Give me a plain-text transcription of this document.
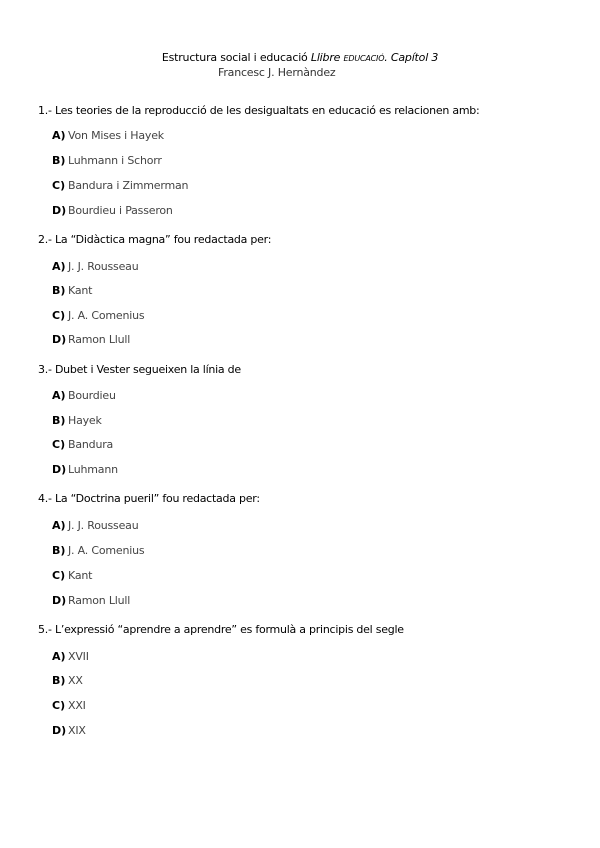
Estructura social i educació Llibre EDUCACIÓ. Capítol 3
Francesc J. Hernàndez
1.- Les teories de la reproducció de les desigualtats en educació es relacionen amb:
A) Von Mises i Hayek
B) Luhmann i Schorr
C) Bandura i Zimmerman
D) Bourdieu i Passeron
2.- La “Didàctica magna” fou redactada per:
A) J. J. Rousseau
B) Kant
C) J. A. Comenius
D) Ramon Llull
3.- Dubet i Vester segueixen la línia de
A) Bourdieu
B) Hayek
C) Bandura
D) Luhmann
4.- La “Doctrina pueril” fou redactada per:
A) J. J. Rousseau
B) J. A. Comenius
C) Kant
D) Ramon Llull
5.- L’expressió “aprendre a aprendre” es formulà a principis del segle
A) XVII
B) XX
C) XXI
D) XIX
